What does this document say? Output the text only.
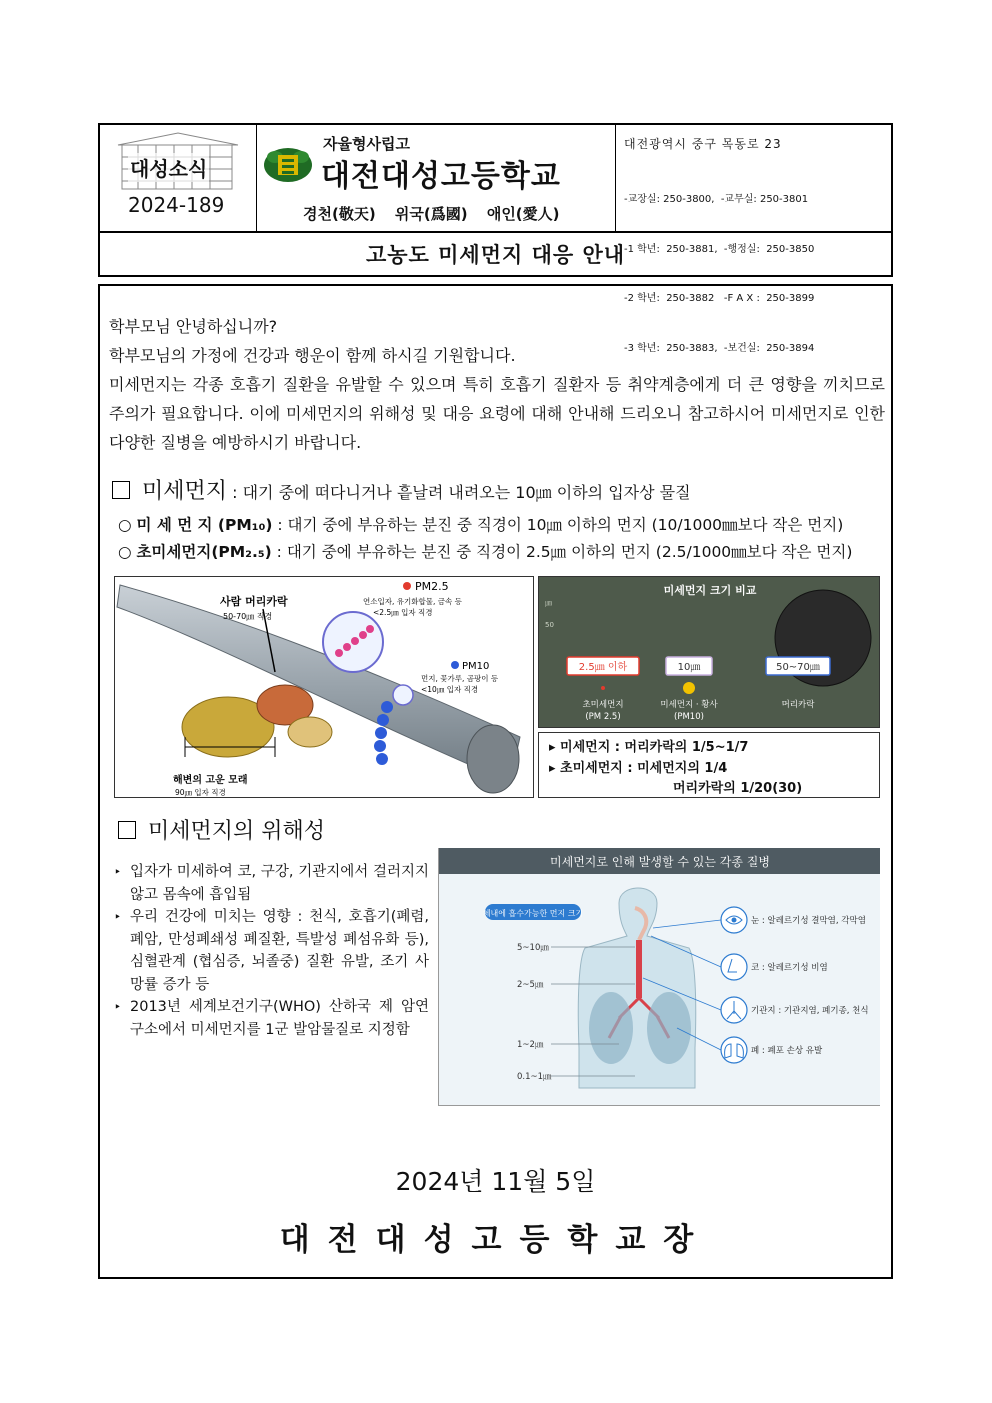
대성소식
2024-189
자율형사립고
대전대성고등학교
경천(敬天) 위국(爲國) 애인(愛人)
대전광역시 중구 목동로 23

-교장실: 250-3800,  -교무실: 250-3801

-1 학년:  250-3881,  -행정실:  250-3850

-2 학년:  250-3882   -F A X :  250-3899

-3 학년:  250-3883,  -보건실:  250-3894

고농도 미세먼지 대응 안내
학부모님 안녕하십니까?
학부모님의 가정에 건강과 행운이 함께 하시길 기원합니다.
미세먼지는 각종 호흡기 질환을 유발할 수 있으며 특히 호흡기 질환자 등 취약계층에게 더 큰 영향을 끼치므로 주의가 필요합니다. 이에 미세먼지의 위해성 및 대응 요령에 대해 안내해 드리오니 참고하시어 미세먼지로 인한 다양한 질병을 예방하시기 바랍니다.
미세먼지 : 대기 중에 떠다니거나 흩날려 내려오는 10㎛ 이하의 입자상 물질
○ 미 세 먼 지 (PM₁₀) : 대기 중에 부유하는 분진 중 직경이 10㎛ 이하의 먼지 (10/1000㎜보다 작은 먼지)
○ 초미세먼지(PM₂.₅) : 대기 중에 부유하는 분진 중 직경이 2.5㎛ 이하의 먼지 (2.5/1000㎜보다 작은 먼지)
사람 머리카락
50-70㎛ 직경
PM2.5
연소입자, 유기화합물, 금속 등
<2.5㎛ 입자 직경
PM10
먼지, 꽃가루, 곰팡이 등
<10㎛ 입자 직경
해변의 고운 모래
90㎛ 입자 직경
미세먼지 크기 비교
㎛
50
2.5㎛ 이하	10㎛	50~70㎛
초미세먼지
(PM 2.5)
미세먼지 · 황사
(PM10)
머리카락
▸ 미세먼지 : 머리카락의 1/5~1/7
▸ 초미세먼지 : 미세먼지의 1/4
머리카락의 1/20(30)
미세먼지의 위해성
‣ 입자가 미세하여 코, 구강, 기관지에서 걸러지지 않고 몸속에 흡입됨
‣ 우리 건강에 미치는 영향 : 천식, 호흡기(폐렴, 폐암, 만성폐쇄성 폐질환, 특발성 폐섬유화 등), 심혈관계 (협심증, 뇌졸중) 질환 유발, 조기 사망률 증가 등
‣ 2013년 세계보건기구(WHO) 산하국 제 암연구소에서 미세먼지를 1군 발암물질로 지정함
미세먼지로 인해 발생할 수 있는 각종 질병
체내에 흡수가능한 먼지 크기
5~10㎛
2~5㎛
1~2㎛
0.1~1㎛
눈 : 알레르기성 결막염, 각막염
코 : 알레르기성 비염
기관지 : 기관지염, 폐기종, 천식
폐 : 폐포 손상 유발
2024년 11월 5일
대전대성고등학교장
